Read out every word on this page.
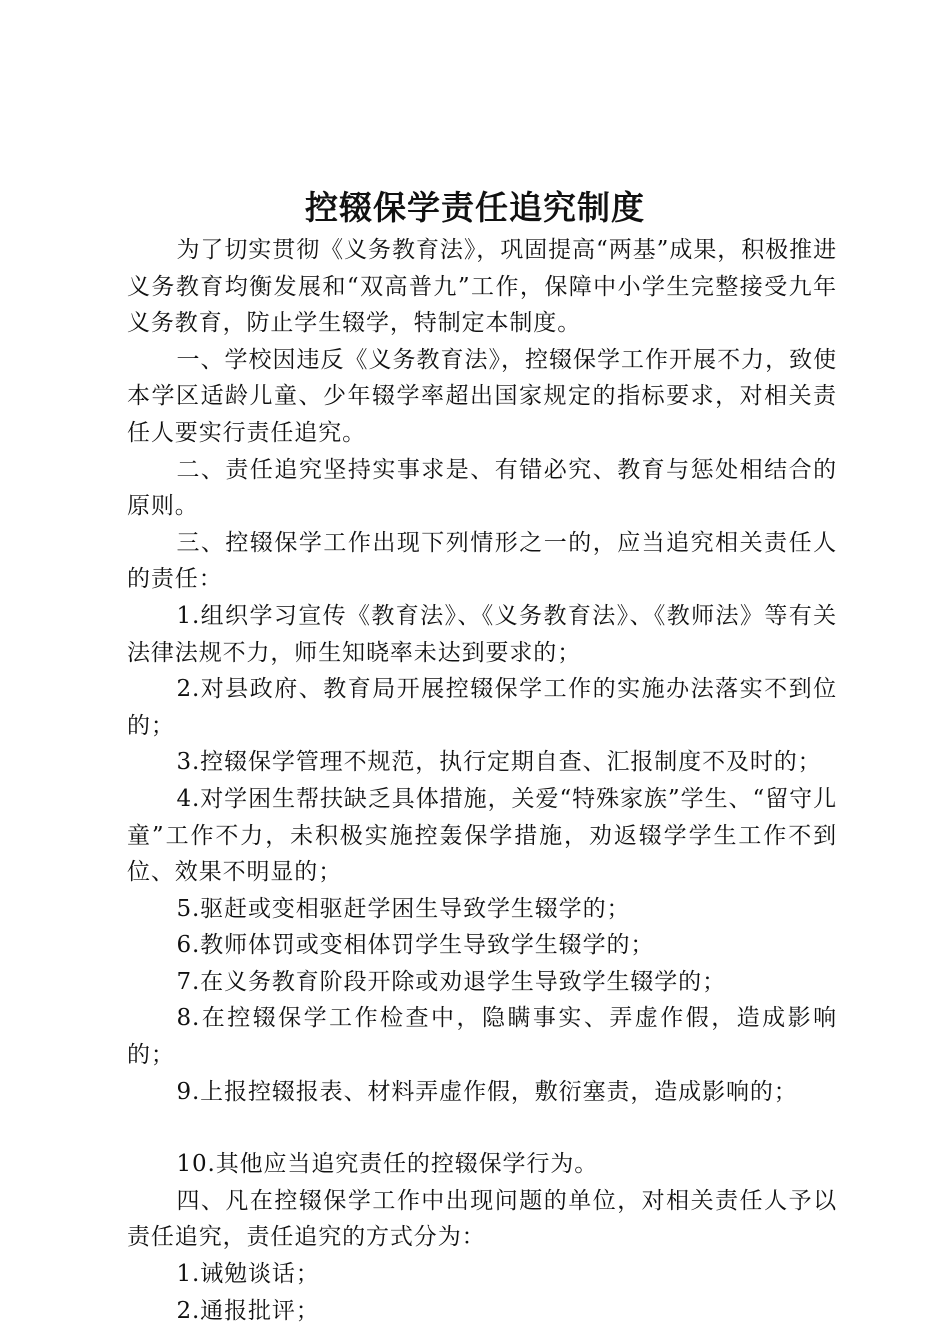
控辍保学责任追究制度

为了切实贯彻《义务教育法》，巩固提高“两基”成果，积极推进义务教育均衡发展和“双高普九”工作，保障中小学生完整接受九年义务教育，防止学生辍学，特制定本制度。

一、学校因违反《义务教育法》，控辍保学工作开展不力，致使本学区适龄儿童、少年辍学率超出国家规定的指标要求，对相关责任人要实行责任追究。

二、责任追究坚持实事求是、有错必究、教育与惩处相结合的原则。

三、控辍保学工作出现下列情形之一的，应当追究相关责任人的责任：

1.组织学习宣传《教育法》、《义务教育法》、《教师法》等有关法律法规不力，师生知晓率未达到要求的；

2.对县政府、教育局开展控辍保学工作的实施办法落实不到位的；

3.控辍保学管理不规范，执行定期自查、汇报制度不及时的；

4.对学困生帮扶缺乏具体措施，关爱“特殊家族”学生、“留守儿童”工作不力，未积极实施控轰保学措施，劝返辍学学生工作不到位、效果不明显的；

5.驱赶或变相驱赶学困生导致学生辍学的；

6.教师体罚或变相体罚学生导致学生辍学的；

7.在义务教育阶段开除或劝退学生导致学生辍学的；

8.在控辍保学工作检查中，隐瞒事实、弄虚作假，造成影响的；

9.上报控辍报表、材料弄虚作假，敷衍塞责，造成影响的；

10.其他应当追究责任的控辍保学行为。

四、凡在控辍保学工作中出现问题的单位，对相关责任人予以责任追究，责任追究的方式分为：

1.诫勉谈话；

2.通报批评；
